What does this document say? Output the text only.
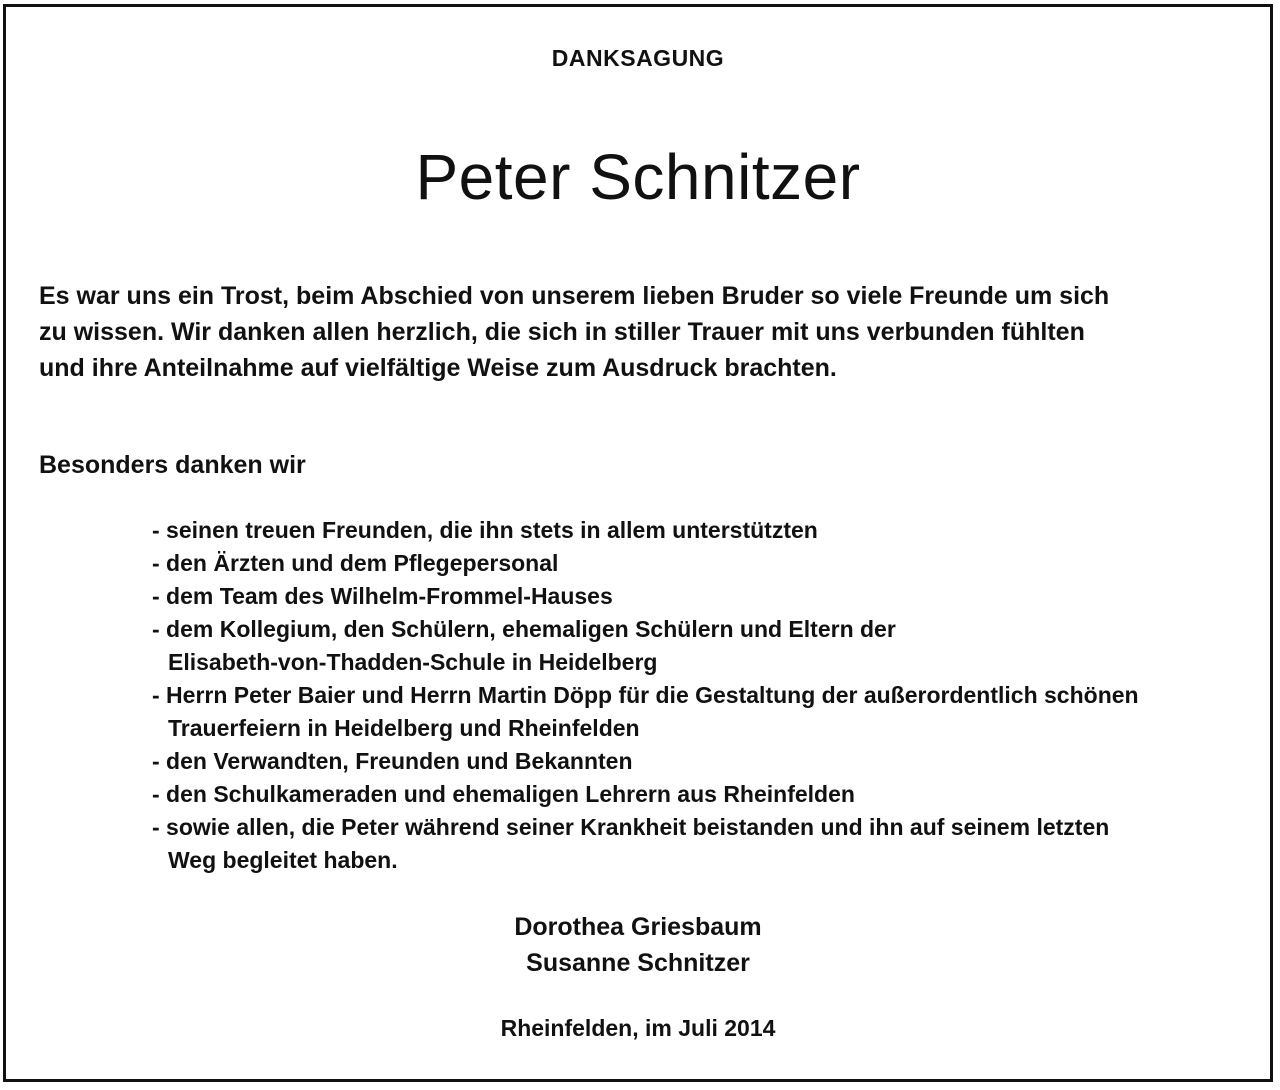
DANKSAGUNG
Peter Schnitzer
Es war uns ein Trost, beim Abschied von unserem lieben Bruder so viele Freunde um sich
zu wissen. Wir danken allen herzlich, die sich in stiller Trauer mit uns verbunden fühlten
und ihre Anteilnahme auf vielfältige Weise zum Ausdruck brachten.
Besonders danken wir
- seinen treuen Freunden, die ihn stets in allem unterstützten
- den Ärzten und dem Pflegepersonal
- dem Team des Wilhelm-Frommel-Hauses
- dem Kollegium, den Schülern, ehemaligen Schülern und Eltern der
Elisabeth-von-Thadden-Schule in Heidelberg
- Herrn Peter Baier und Herrn Martin Döpp für die Gestaltung der außerordentlich schönen
Trauerfeiern in Heidelberg und Rheinfelden
- den Verwandten, Freunden und Bekannten
- den Schulkameraden und ehemaligen Lehrern aus Rheinfelden
- sowie allen, die Peter während seiner Krankheit beistanden und ihn auf seinem letzten
Weg begleitet haben.
Dorothea Griesbaum
Susanne Schnitzer
Rheinfelden, im Juli 2014
